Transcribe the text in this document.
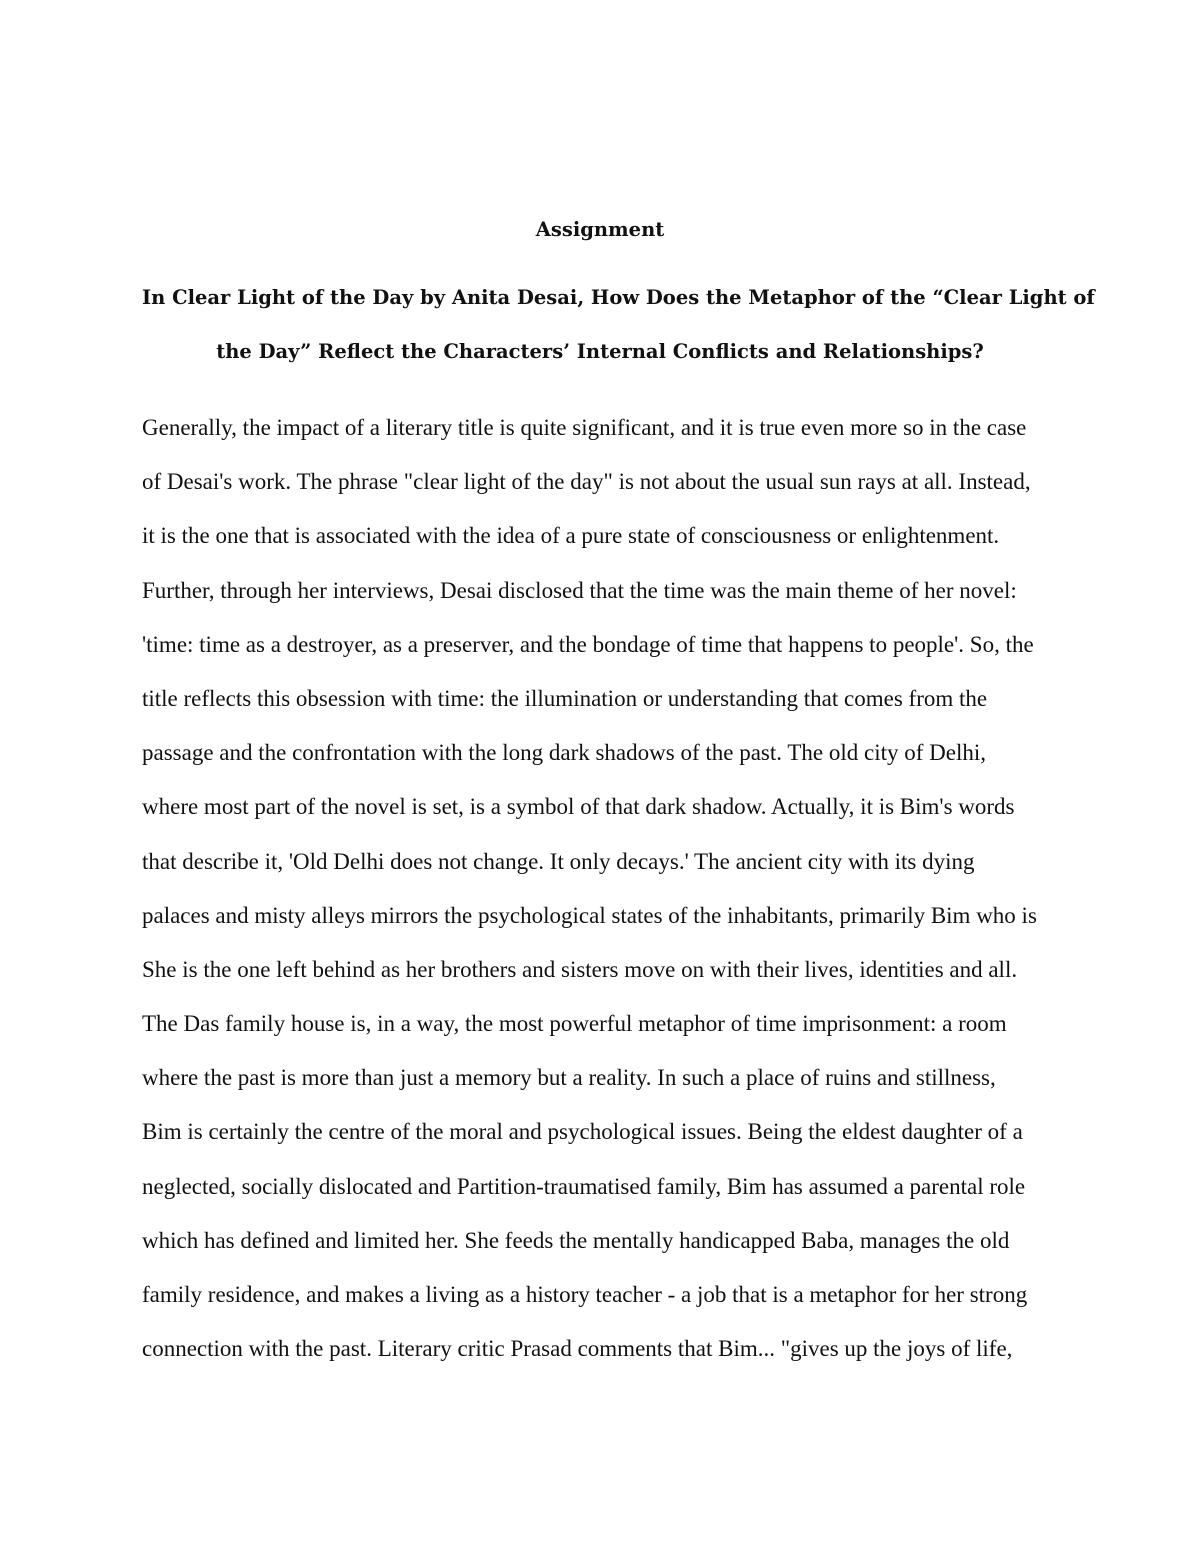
Assignment
In Clear Light of the Day by Anita Desai, How Does the Metaphor of the “Clear Light of
the Day” Reflect the Characters’ Internal Conflicts and Relationships?
Generally, the impact of a literary title is quite significant, and it is true even more so in the case
of Desai's work. The phrase "clear light of the day" is not about the usual sun rays at all. Instead,
it is the one that is associated with the idea of a pure state of consciousness or enlightenment.
Further, through her interviews, Desai disclosed that the time was the main theme of her novel:
'time: time as a destroyer, as a preserver, and the bondage of time that happens to people'. So, the
title reflects this obsession with time: the illumination or understanding that comes from the
passage and the confrontation with the long dark shadows of the past. The old city of Delhi,
where most part of the novel is set, is a symbol of that dark shadow. Actually, it is Bim's words
that describe it, 'Old Delhi does not change. It only decays.' The ancient city with its dying
palaces and misty alleys mirrors the psychological states of the inhabitants, primarily Bim who is
She is the one left behind as her brothers and sisters move on with their lives, identities and all.
The Das family house is, in a way, the most powerful metaphor of time imprisonment: a room
where the past is more than just a memory but a reality. In such a place of ruins and stillness,
Bim is certainly the centre of the moral and psychological issues. Being the eldest daughter of a
neglected, socially dislocated and Partition-traumatised family, Bim has assumed a parental role
which has defined and limited her. She feeds the mentally handicapped Baba, manages the old
family residence, and makes a living as a history teacher - a job that is a metaphor for her strong
connection with the past. Literary critic Prasad comments that Bim... "gives up the joys of life,
